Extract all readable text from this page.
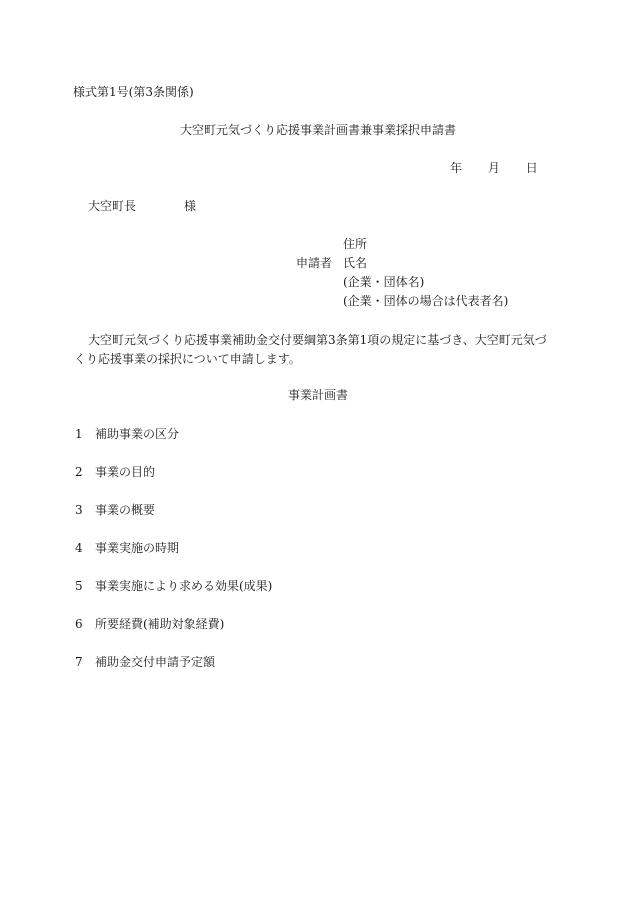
様式第1号(第3条関係)
大空町元気づくり応援事業計画書兼事業採択申請書
年 月 日
大空町長	様
申請者
住所
氏名
(企業・団体名)
(企業・団体の場合は代表者名)
大空町元気づくり応援事業補助金交付要綱第3条第1項の規定に基づき、大空町元気づくり応援事業の採択について申請します。
事業計画書
1 補助事業の区分
2 事業の目的
3 事業の概要
4 事業実施の時期
5 事業実施により求める効果(成果)
6 所要経費(補助対象経費)
7 補助金交付申請予定額
